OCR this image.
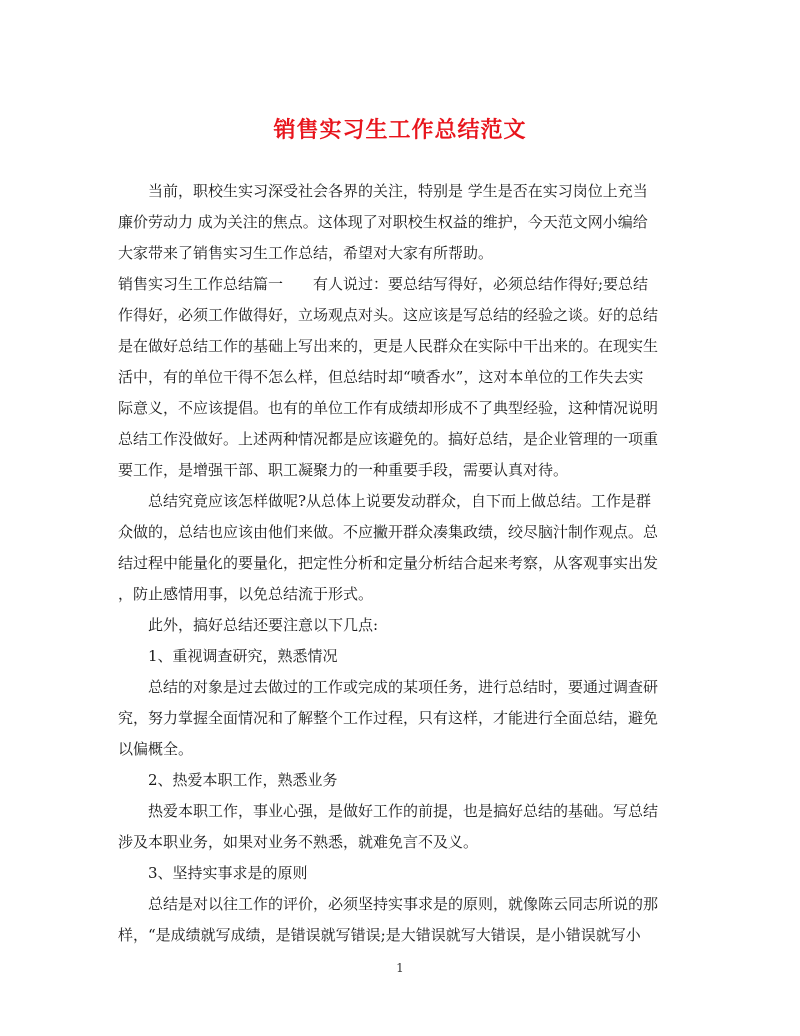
销售实习生工作总结范文
当前，职校生实习深受社会各界的关注，特别是 学生是否在实习岗位上充当
廉价劳动力 成为关注的焦点。这体现了对职校生权益的维护，今天范文网小编给
大家带来了销售实习生工作总结，希望对大家有所帮助。
销售实习生工作总结篇一　　有人说过：要总结写得好，必须总结作得好;要总结
作得好，必须工作做得好，立场观点对头。这应该是写总结的经验之谈。好的总结
是在做好总结工作的基础上写出来的，更是人民群众在实际中干出来的。在现实生
活中，有的单位干得不怎么样，但总结时却“喷香水”，这对本单位的工作失去实
际意义，不应该提倡。也有的单位工作有成绩却形成不了典型经验，这种情况说明
总结工作没做好。上述两种情况都是应该避免的。搞好总结，是企业管理的一项重
要工作，是增强干部、职工凝聚力的一种重要手段，需要认真对待。
总结究竟应该怎样做呢?从总体上说要发动群众，自下而上做总结。工作是群
众做的，总结也应该由他们来做。不应撇开群众凑集政绩，绞尽脑汁制作观点。总
结过程中能量化的要量化，把定性分析和定量分析结合起来考察，从客观事实出发
，防止感情用事，以免总结流于形式。
此外，搞好总结还要注意以下几点:
1、重视调查研究，熟悉情况
总结的对象是过去做过的工作或完成的某项任务，进行总结时，要通过调查研
究，努力掌握全面情况和了解整个工作过程，只有这样，才能进行全面总结，避免
以偏概全。
2、热爱本职工作，熟悉业务
热爱本职工作，事业心强，是做好工作的前提，也是搞好总结的基础。写总结
涉及本职业务，如果对业务不熟悉，就难免言不及义。
3、坚持实事求是的原则
总结是对以往工作的评价，必须坚持实事求是的原则，就像陈云同志所说的那
样，“是成绩就写成绩，是错误就写错误;是大错误就写大错误，是小错误就写小
1
